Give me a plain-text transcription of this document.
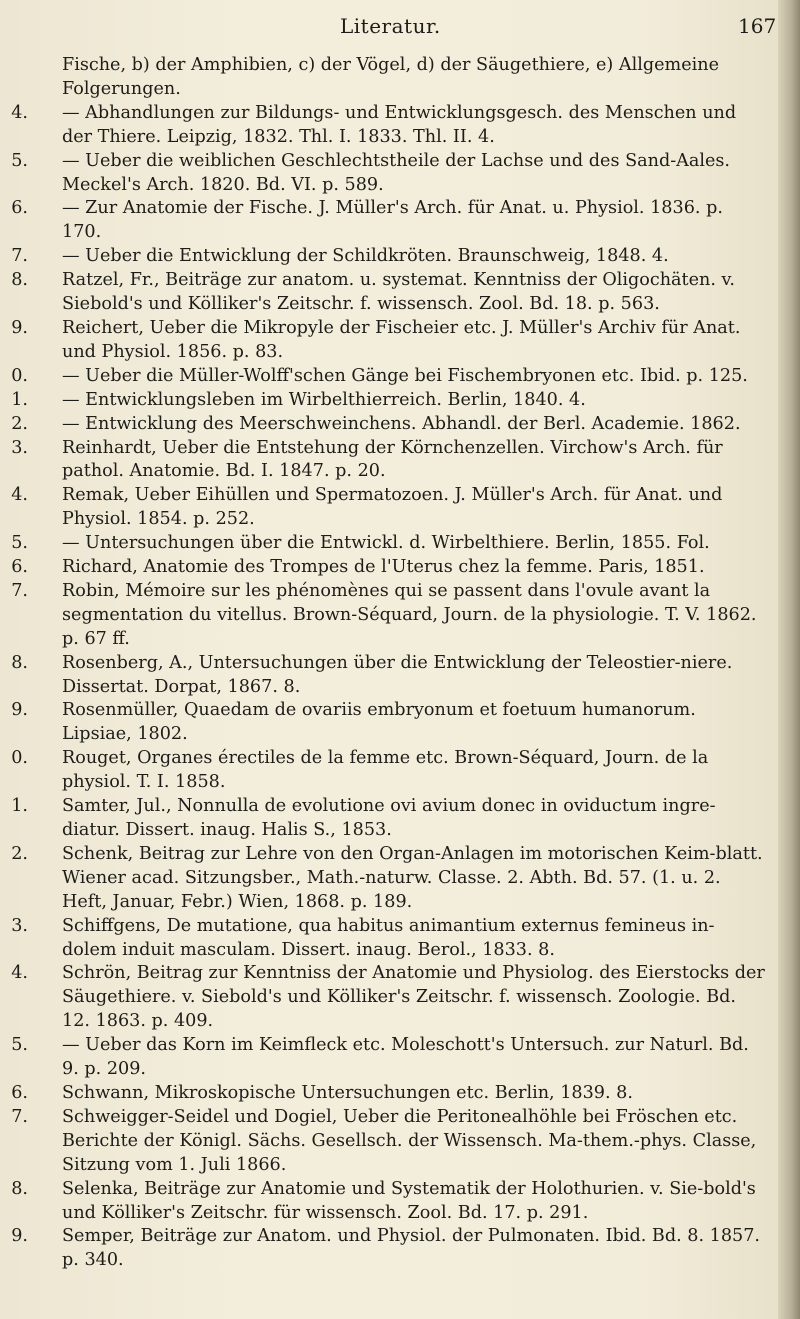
Literatur.	167
Fische, b) der Amphibien, c) der Vögel, d) der Säugethiere, e) Allgemeine Folgerungen.
4. — Abhandlungen zur Bildungs- und Entwicklungsgesch. des Menschen und der Thiere. Leipzig, 1832. Thl. I. 1833. Thl. II. 4.
5. — Ueber die weiblichen Geschlechtstheile der Lachse und des Sand-Aales. Meckel's Arch. 1820. Bd. VI. p. 589.
6. — Zur Anatomie der Fische. J. Müller's Arch. für Anat. u. Physiol. 1836. p. 170.
7. — Ueber die Entwicklung der Schildkröten. Braunschweig, 1848. 4.
8. Ratzel, Fr., Beiträge zur anatom. u. systemat. Kenntniss der Oligochäten. v. Siebold's und Kölliker's Zeitschr. f. wissensch. Zool. Bd. 18. p. 563.
9. Reichert, Ueber die Mikropyle der Fischeier etc. J. Müller's Archiv für Anat. und Physiol. 1856. p. 83.
0. — Ueber die Müller-Wolff'schen Gänge bei Fischembryonen etc. Ibid. p. 125.
1. — Entwicklungsleben im Wirbelthierreich. Berlin, 1840. 4.
2. — Entwicklung des Meerschweinchens. Abhandl. der Berl. Academie. 1862.
3. Reinhardt, Ueber die Entstehung der Körnchenzellen. Virchow's Arch. für pathol. Anatomie. Bd. I. 1847. p. 20.
4. Remak, Ueber Eihüllen und Spermatozoen. J. Müller's Arch. für Anat. und Physiol. 1854. p. 252.
5. — Untersuchungen über die Entwickl. d. Wirbelthiere. Berlin, 1855. Fol.
6. Richard, Anatomie des Trompes de l'Uterus chez la femme. Paris, 1851.
7. Robin, Mémoire sur les phénomènes qui se passent dans l'ovule avant la segmentation du vitellus. Brown-Séquard, Journ. de la physiologie. T. V. 1862. p. 67 ff.
8. Rosenberg, A., Untersuchungen über die Entwicklung der Teleostier-niere. Dissertat. Dorpat, 1867. 8.
9. Rosenmüller, Quaedam de ovariis embryonum et foetuum humanorum. Lipsiae, 1802.
0. Rouget, Organes érectiles de la femme etc. Brown-Séquard, Journ. de la physiol. T. I. 1858.
1. Samter, Jul., Nonnulla de evolutione ovi avium donec in oviductum ingre-diatur. Dissert. inaug. Halis S., 1853.
2. Schenk, Beitrag zur Lehre von den Organ-Anlagen im motorischen Keim-blatt. Wiener acad. Sitzungsber., Math.-naturw. Classe. 2. Abth. Bd. 57. (1. u. 2. Heft, Januar, Febr.) Wien, 1868. p. 189.
3. Schiffgens, De mutatione, qua habitus animantium externus femineus in-dolem induit masculam. Dissert. inaug. Berol., 1833. 8.
4. Schrön, Beitrag zur Kenntniss der Anatomie und Physiolog. des Eierstocks der Säugethiere. v. Siebold's und Kölliker's Zeitschr. f. wissensch. Zoologie. Bd. 12. 1863. p. 409.
5. — Ueber das Korn im Keimfleck etc. Moleschott's Untersuch. zur Naturl. Bd. 9. p. 209.
6. Schwann, Mikroskopische Untersuchungen etc. Berlin, 1839. 8.
7. Schweigger-Seidel und Dogiel, Ueber die Peritonealhöhle bei Fröschen etc. Berichte der Königl. Sächs. Gesellsch. der Wissensch. Ma-them.-phys. Classe, Sitzung vom 1. Juli 1866.
8. Selenka, Beiträge zur Anatomie und Systematik der Holothurien. v. Sie-bold's und Kölliker's Zeitschr. für wissensch. Zool. Bd. 17. p. 291.
9. Semper, Beiträge zur Anatom. und Physiol. der Pulmonaten. Ibid. Bd. 8. 1857. p. 340.
